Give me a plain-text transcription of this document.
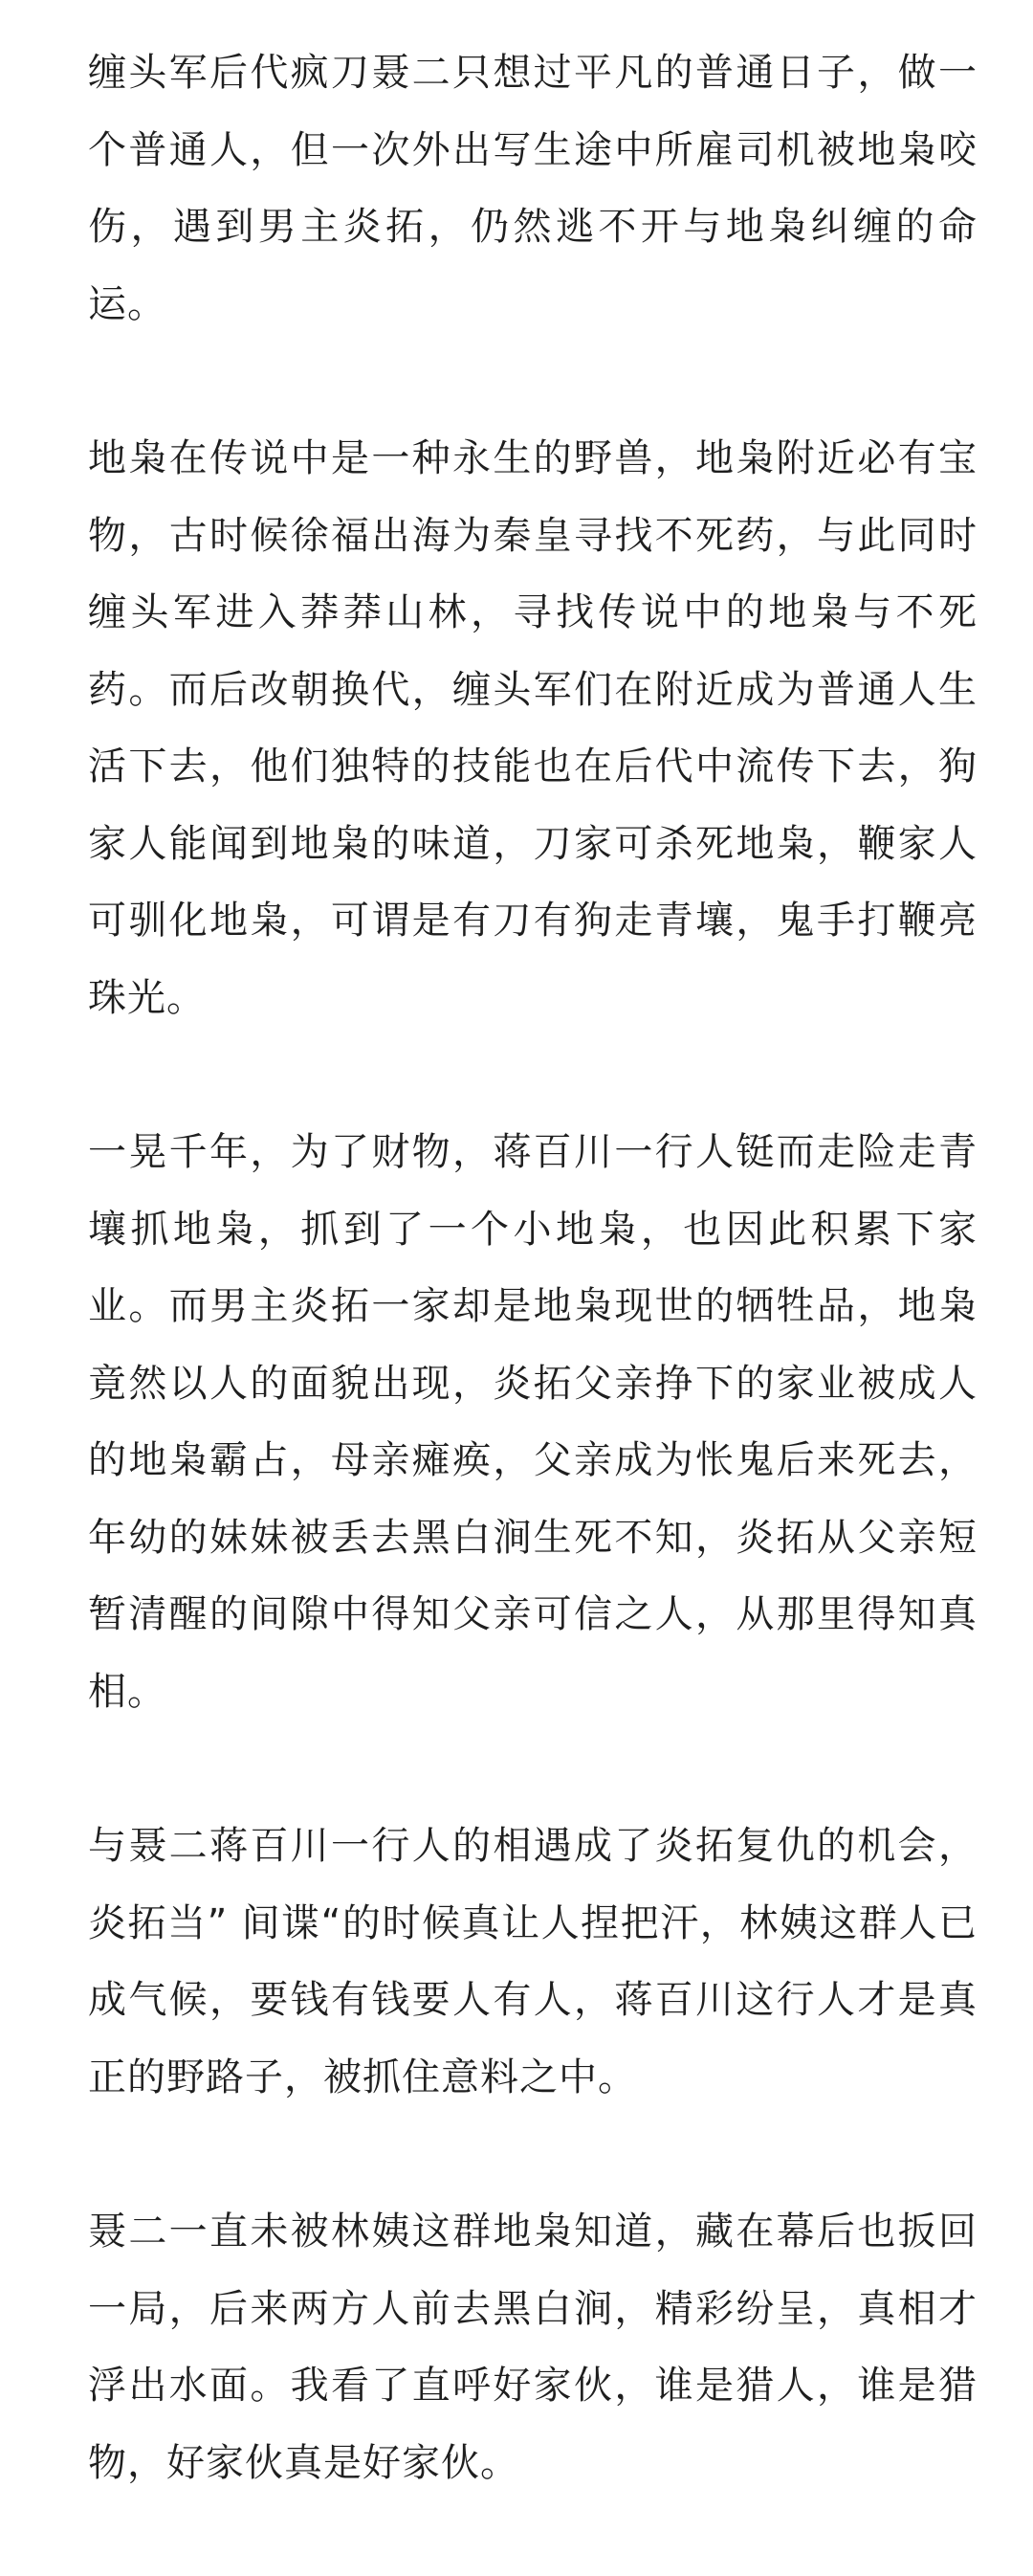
缠头军后代疯刀聂二只想过平凡的普通日子，做一个普通人，但一次外出写生途中所雇司机被地枭咬伤，遇到男主炎拓，仍然逃不开与地枭纠缠的命运。

地枭在传说中是一种永生的野兽，地枭附近必有宝物，古时候徐福出海为秦皇寻找不死药，与此同时缠头军进入莽莽山林，寻找传说中的地枭与不死药。而后改朝换代，缠头军们在附近成为普通人生活下去，他们独特的技能也在后代中流传下去，狗家人能闻到地枭的味道，刀家可杀死地枭，鞭家人可驯化地枭，可谓是有刀有狗走青壤，鬼手打鞭亮珠光。

一晃千年，为了财物，蒋百川一行人铤而走险走青壤抓地枭，抓到了一个小地枭，也因此积累下家业。而男主炎拓一家却是地枭现世的牺牲品，地枭竟然以人的面貌出现，炎拓父亲挣下的家业被成人的地枭霸占，母亲瘫痪，父亲成为怅鬼后来死去，年幼的妹妹被丢去黑白涧生死不知，炎拓从父亲短暂清醒的间隙中得知父亲可信之人，从那里得知真相。

与聂二蒋百川一行人的相遇成了炎拓复仇的机会，炎拓当” 间谍“的时候真让人捏把汗，林姨这群人已成气候，要钱有钱要人有人，蒋百川这行人才是真正的野路子，被抓住意料之中。

聂二一直未被林姨这群地枭知道，藏在幕后也扳回一局，后来两方人前去黑白涧，精彩纷呈，真相才浮出水面。我看了直呼好家伙，谁是猎人，谁是猎物，好家伙真是好家伙。
